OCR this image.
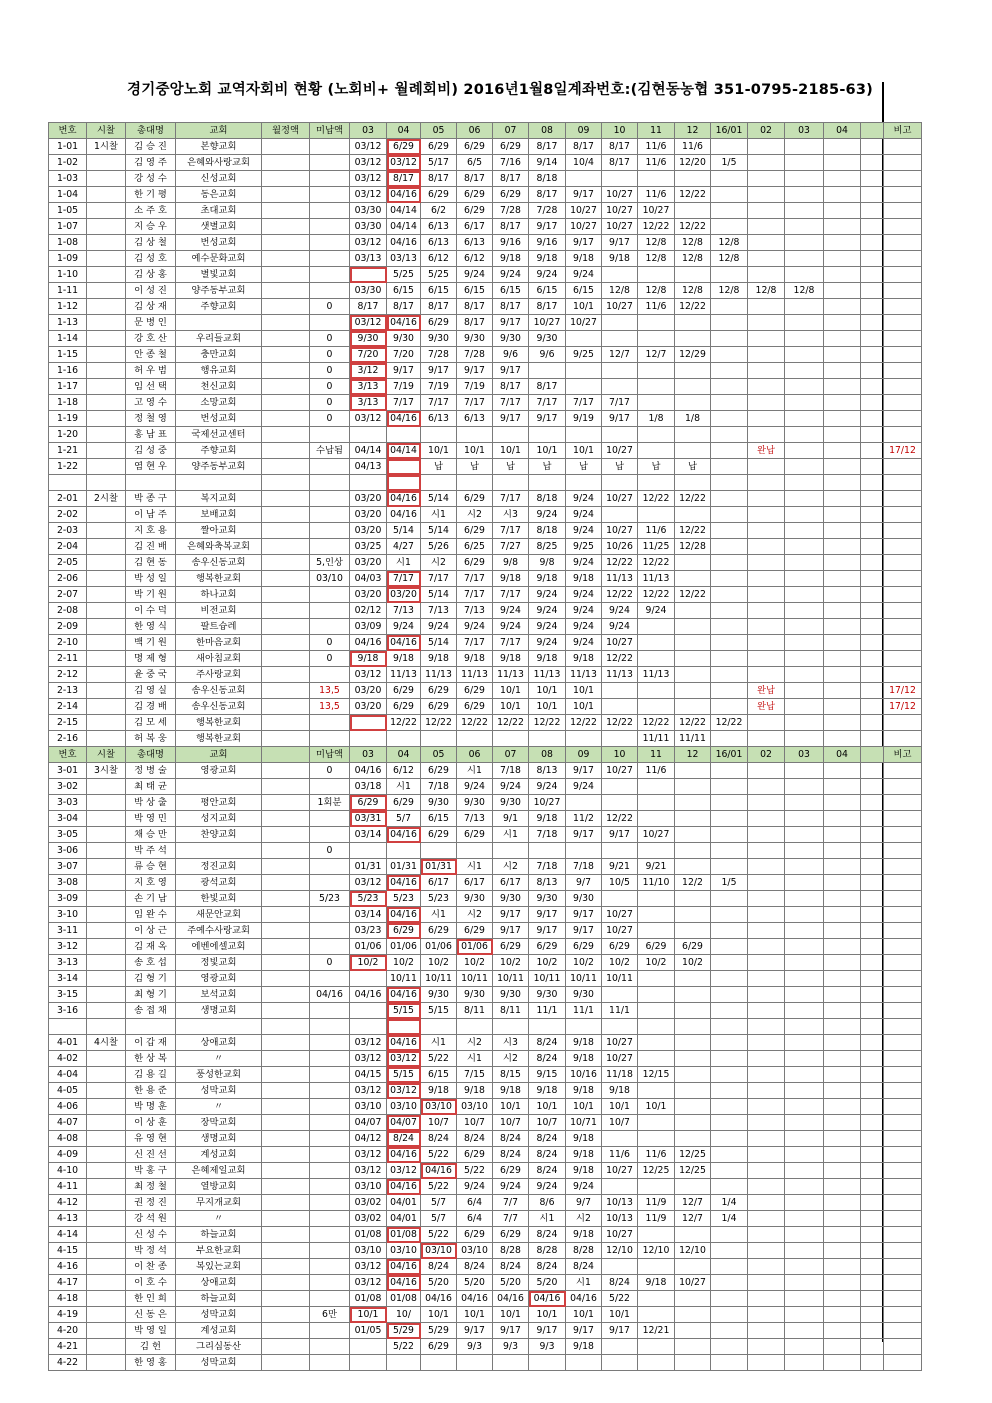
경기중앙노회 교역자회비 현황 (노회비+ 월례회비) 2016년1월8일계좌번호:(김현동농협 351-0795-2185-63)
번호	시찰	총대명	교회	월정액	미납액	03	04	05	06	07	08	09	10	11	12	16/01	02	03	04		비고
1-01	1시찰	김 승 진	본향교회			03/12	6/29	6/29	6/29	6/29	8/17	8/17	8/17	11/6	11/6						
1-02		김 영 주	은혜와사랑교회			03/12	03/12	5/17	6/5	7/16	9/14	10/4	8/17	11/6	12/20	1/5					
1-03		강 성 수	신성교회			03/12	8/17	8/17	8/17	8/17	8/18										
1-04		한 기 평	동은교회			03/12	04/16	6/29	6/29	6/29	8/17	9/17	10/27	11/6	12/22						
1-05		소 주 호	초대교회			03/30	04/14	6/2	6/29	7/28	7/28	10/27	10/27	10/27							
1-07		지 승 우	샛별교회			03/30	04/14	6/13	6/17	8/17	9/17	10/27	10/27	12/22	12/22						
1-08		김 상 철	번성교회			03/12	04/16	6/13	6/13	9/16	9/16	9/17	9/17	12/8	12/8	12/8					
1-09		김 성 호	예수문화교회			03/13	03/13	6/12	6/12	9/18	9/18	9/18	9/18	12/8	12/8	12/8					
1-10		김 상 홍	별빛교회				5/25	5/25	9/24	9/24	9/24	9/24									
1-11		이 성 진	양주동부교회			03/30	6/15	6/15	6/15	6/15	6/15	6/15	12/8	12/8	12/8	12/8	12/8	12/8			
1-12		김 상 재	주향교회		0	8/17	8/17	8/17	8/17	8/17	8/17	10/1	10/27	11/6	12/22						
1-13		문 병 인				03/12	04/16	6/29	8/17	9/17	10/27	10/27									
1-14		강 호 산	우리들교회		0	9/30	9/30	9/30	9/30	9/30	9/30										
1-15		안 종 철	충만교회		0	7/20	7/20	7/28	7/28	9/6	9/6	9/25	12/7	12/7	12/29						
1-16		허 우 범	행유교회		0	3/12	9/17	9/17	9/17	9/17											
1-17		임 선 택	천신교회		0	3/13	7/19	7/19	7/19	8/17	8/17										
1-18		고 영 수	소망교회		0	3/13	7/17	7/17	7/17	7/17	7/17	7/17	7/17								
1-19		정 철 영	번성교회		0	03/12	04/16	6/13	6/13	9/17	9/17	9/19	9/17	1/8	1/8						
1-20		홍 남 표	국제선교센터																		
1-21		김 성 중	주향교회		수납됨	04/14	04/14	10/1	10/1	10/1	10/1	10/1	10/27				완납				17/12
1-22		염 현 우	양주동부교회			04/13		납	납	납	납	납	납	납	납						

2-01	2시찰	박 종 구	복지교회			03/20	04/16	5/14	6/29	7/17	8/18	9/24	10/27	12/22	12/22						
2-02		이 남 주	보배교회			03/20	04/16	시1	시2	시3	9/24	9/24									
2-03		지 호 용	짤아교회			03/20	5/14	5/14	6/29	7/17	8/18	9/24	10/27	11/6	12/22						
2-04		김 진 배	은혜와축복교회			03/25	4/27	5/26	6/25	7/27	8/25	9/25	10/26	11/25	12/28						
2-05		김 현 동	송우신동교회		5,인상	03/20	시1	시2	6/29	9/8	9/8	9/24	12/22	12/22							
2-06		박 성 일	행복한교회		03/10	04/03	7/17	7/17	7/17	9/18	9/18	9/18	11/13	11/13							
2-07		박 기 원	하나교회			03/20	03/20	5/14	7/17	7/17	9/24	9/24	12/22	12/22	12/22						
2-08		이 수 덕	비전교회			02/12	7/13	7/13	7/13	9/24	9/24	9/24	9/24	9/24							
2-09		한 영 식	팔트슝레			03/09	9/24	9/24	9/24	9/24	9/24	9/24	9/24								
2-10		백 기 원	한마음교회		0	04/16	04/16	5/14	7/17	7/17	9/24	9/24	10/27								
2-11		명 제 형	새아침교회		0	9/18	9/18	9/18	9/18	9/18	9/18	9/18	12/22								
2-12		윤 중 국	주사랑교회			03/12	11/13	11/13	11/13	11/13	11/13	11/13	11/13	11/13							
2-13		김 영 실	송우신동교회		13,5	03/20	6/29	6/29	6/29	10/1	10/1	10/1					완납				17/12
2-14		김 경 배	송우신동교회		13,5	03/20	6/29	6/29	6/29	10/1	10/1	10/1					완납				17/12
2-15		김 모 세	행복한교회				12/22	12/22	12/22	12/22	12/22	12/22	12/22	12/22	12/22	12/22					
2-16		허 복 웅	행복한교회											11/11	11/11						
번호	시찰	총대명	교회		미납액	03	04	05	06	07	08	09	10	11	12	16/01	02	03	04		비고
3-01	3시찰	정 병 술	영광교회		0	04/16	6/12	6/29	시1	7/18	8/13	9/17	10/27	11/6							
3-02		최 태 균				03/18	시1	7/18	9/24	9/24	9/24	9/24									
3-03		박 상 출	평안교회		1회분	6/29	6/29	9/30	9/30	9/30	10/27										
3-04		박 영 민	성지교회			03/31	5/7	6/15	7/13	9/1	9/18	11/2	12/22								
3-05		채 승 만	찬양교회			03/14	04/16	6/29	6/29	시1	7/18	9/17	9/17	10/27							
3-06		박 주 석			0																
3-07		류 승 현	정진교회			01/31	01/31	01/31	시1	시2	7/18	7/18	9/21	9/21							
3-08		지 호 영	광석교회			03/12	04/16	6/17	6/17	6/17	8/13	9/7	10/5	11/10	12/2	1/5					
3-09		손 기 남	한빛교회		5/23	5/23	5/23	5/23	9/30	9/30	9/30	9/30									
3-10		임 완 수	새문안교회			03/14	04/16	시1	시2	9/17	9/17	9/17	10/27								
3-11		이 상 근	주예수사랑교회			03/23	6/29	6/29	6/29	9/17	9/17	9/17	10/27								
3-12		김 재 옥	에벤에셀교회			01/06	01/06	01/06	01/06	6/29	6/29	6/29	6/29	6/29	6/29						
3-13		송 호 섭	정빛교회		0	10/2	10/2	10/2	10/2	10/2	10/2	10/2	10/2	10/2	10/2						
3-14		김 형 기	영광교회				10/11	10/11	10/11	10/11	10/11	10/11	10/11								
3-15		최 형 기	보석교회		04/16	04/16	04/16	9/30	9/30	9/30	9/30	9/30									
3-16		송 접 채	생명교회				5/15	5/15	8/11	8/11	11/1	11/1	11/1								

4-01	4시찰	이 갑 재	상애교회			03/12	04/16	시1	시2	시3	8/24	9/18	10/27								
4-02		한 상 복	〃			03/12	03/12	5/22	시1	시2	8/24	9/18	10/27								
4-04		김 용 길	풍성한교회			04/15	5/15	6/15	7/15	8/15	9/15	10/16	11/18	12/15							
4-05		한 용 준	성막교회			03/12	03/12	9/18	9/18	9/18	9/18	9/18	9/18								
4-06		박 명 훈	〃			03/10	03/10	03/10	03/10	10/1	10/1	10/1	10/1	10/1							
4-07		이 상 훈	장막교회			04/07	04/07	10/7	10/7	10/7	10/7	10/71	10/7								
4-08		유 영 현	생명교회			04/12	8/24	8/24	8/24	8/24	8/24	9/18									
4-09		신 진 선	계성교회			03/12	04/16	5/22	6/29	8/24	8/24	9/18	11/6	11/6	12/25						
4-10		박 홍 구	은혜제일교회			03/12	03/12	04/16	5/22	6/29	8/24	9/18	10/27	12/25	12/25						
4-11		최 정 철	열방교회			03/10	04/16	5/22	9/24	9/24	9/24	9/24									
4-12		권 정 진	무지개교회			03/02	04/01	5/7	6/4	7/7	8/6	9/7	10/13	11/9	12/7	1/4					
4-13		강 석 원	〃			03/02	04/01	5/7	6/4	7/7	시1	시2	10/13	11/9	12/7	1/4					
4-14		신 성 수	하늘교회			01/08	01/08	5/22	6/29	6/29	8/24	9/18	10/27								
4-15		박 정 석	부요한교회			03/10	03/10	03/10	03/10	8/28	8/28	8/28	12/10	12/10	12/10						
4-16		이 찬 종	복있는교회			03/12	04/16	8/24	8/24	8/24	8/24	8/24									
4-17		이 호 수	상애교회			03/12	04/16	5/20	5/20	5/20	5/20	시1	8/24	9/18	10/27						
4-18		한 인 희	하늘교회			01/08	01/08	04/16	04/16	04/16	04/16	04/16	5/22								
4-19		신 동 은	성막교회		6만	10/1	10/	10/1	10/1	10/1	10/1	10/1	10/1								
4-20		박 영 일	계성교회			01/05	5/29	5/29	9/17	9/17	9/17	9/17	9/17	12/21							
4-21		김 헌	그리심동산				5/22	6/29	9/3	9/3	9/3	9/18									
4-22		한 영 홍	성막교회																		
